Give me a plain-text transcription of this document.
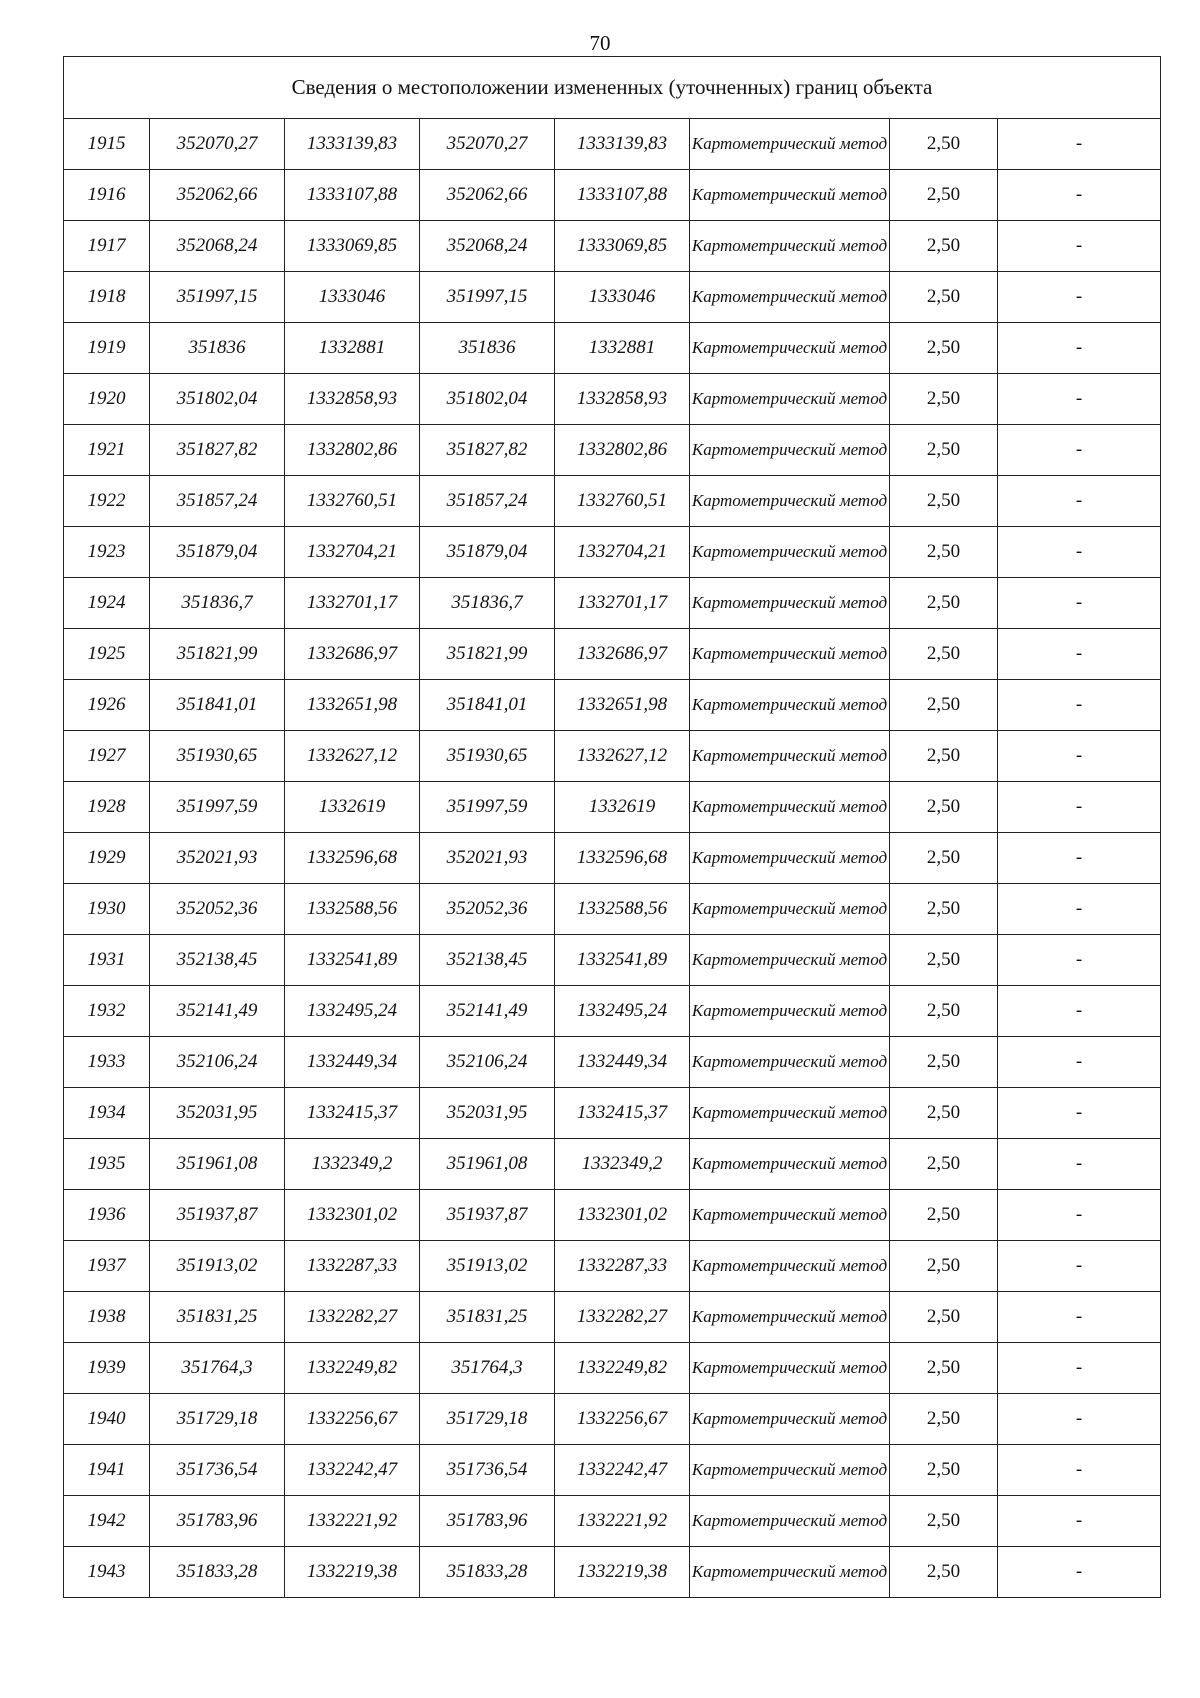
70
Сведения о местоположении измененных (уточненных) границ объекта							
1915	352070,27	1333139,83	352070,27	1333139,83	Картометрический метод	2,50	-
1916	352062,66	1333107,88	352062,66	1333107,88	Картометрический метод	2,50	-
1917	352068,24	1333069,85	352068,24	1333069,85	Картометрический метод	2,50	-
1918	351997,15	1333046	351997,15	1333046	Картометрический метод	2,50	-
1919	351836	1332881	351836	1332881	Картометрический метод	2,50	-
1920	351802,04	1332858,93	351802,04	1332858,93	Картометрический метод	2,50	-
1921	351827,82	1332802,86	351827,82	1332802,86	Картометрический метод	2,50	-
1922	351857,24	1332760,51	351857,24	1332760,51	Картометрический метод	2,50	-
1923	351879,04	1332704,21	351879,04	1332704,21	Картометрический метод	2,50	-
1924	351836,7	1332701,17	351836,7	1332701,17	Картометрический метод	2,50	-
1925	351821,99	1332686,97	351821,99	1332686,97	Картометрический метод	2,50	-
1926	351841,01	1332651,98	351841,01	1332651,98	Картометрический метод	2,50	-
1927	351930,65	1332627,12	351930,65	1332627,12	Картометрический метод	2,50	-
1928	351997,59	1332619	351997,59	1332619	Картометрический метод	2,50	-
1929	352021,93	1332596,68	352021,93	1332596,68	Картометрический метод	2,50	-
1930	352052,36	1332588,56	352052,36	1332588,56	Картометрический метод	2,50	-
1931	352138,45	1332541,89	352138,45	1332541,89	Картометрический метод	2,50	-
1932	352141,49	1332495,24	352141,49	1332495,24	Картометрический метод	2,50	-
1933	352106,24	1332449,34	352106,24	1332449,34	Картометрический метод	2,50	-
1934	352031,95	1332415,37	352031,95	1332415,37	Картометрический метод	2,50	-
1935	351961,08	1332349,2	351961,08	1332349,2	Картометрический метод	2,50	-
1936	351937,87	1332301,02	351937,87	1332301,02	Картометрический метод	2,50	-
1937	351913,02	1332287,33	351913,02	1332287,33	Картометрический метод	2,50	-
1938	351831,25	1332282,27	351831,25	1332282,27	Картометрический метод	2,50	-
1939	351764,3	1332249,82	351764,3	1332249,82	Картометрический метод	2,50	-
1940	351729,18	1332256,67	351729,18	1332256,67	Картометрический метод	2,50	-
1941	351736,54	1332242,47	351736,54	1332242,47	Картометрический метод	2,50	-
1942	351783,96	1332221,92	351783,96	1332221,92	Картометрический метод	2,50	-
1943	351833,28	1332219,38	351833,28	1332219,38	Картометрический метод	2,50	-
